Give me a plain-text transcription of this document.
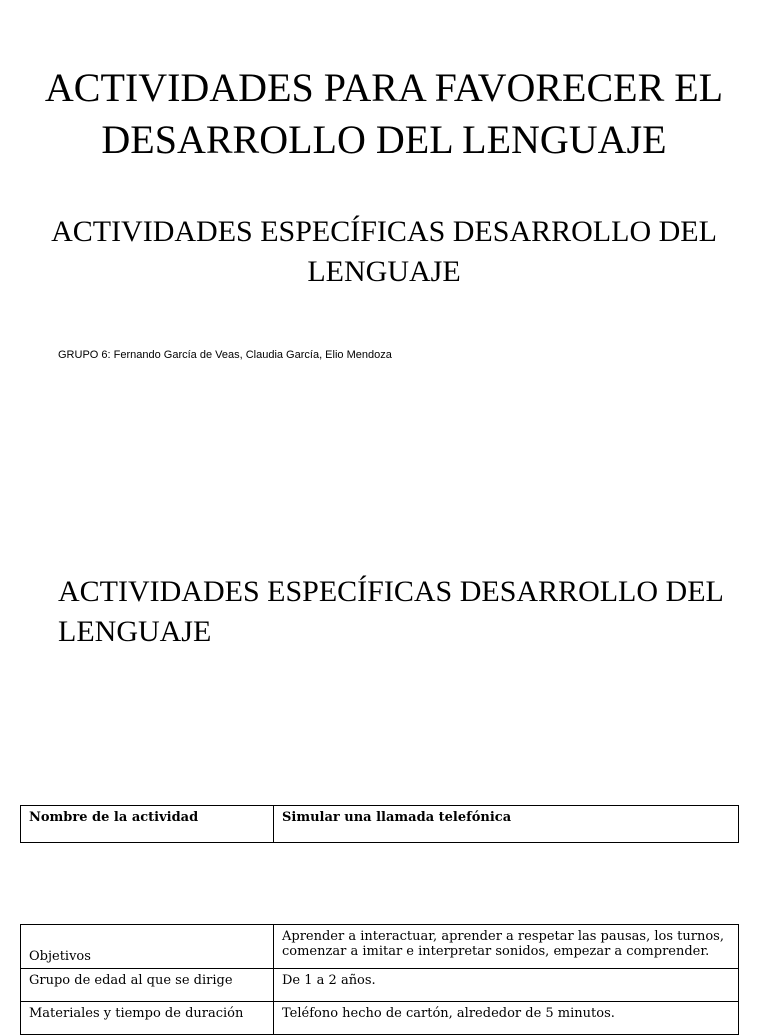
ACTIVIDADES PARA FAVORECER EL DESARROLLO DEL LENGUAJE
ACTIVIDADES ESPECÍFICAS DESARROLLO DEL LENGUAJE
GRUPO 6: Fernando García de Veas, Claudia García, Elio Mendoza
ACTIVIDADES ESPECÍFICAS DESARROLLO DEL LENGUAJE
Nombre de la actividad	Simular una llamada telefónica
Objetivos	Aprender a interactuar, aprender a respetar las pausas, los turnos, comenzar a imitar e interpretar sonidos, empezar a comprender.
Grupo de edad al que se dirige	De 1 a 2 años.
Materiales y tiempo de duración	Teléfono hecho de cartón, alrededor de 5 minutos.
